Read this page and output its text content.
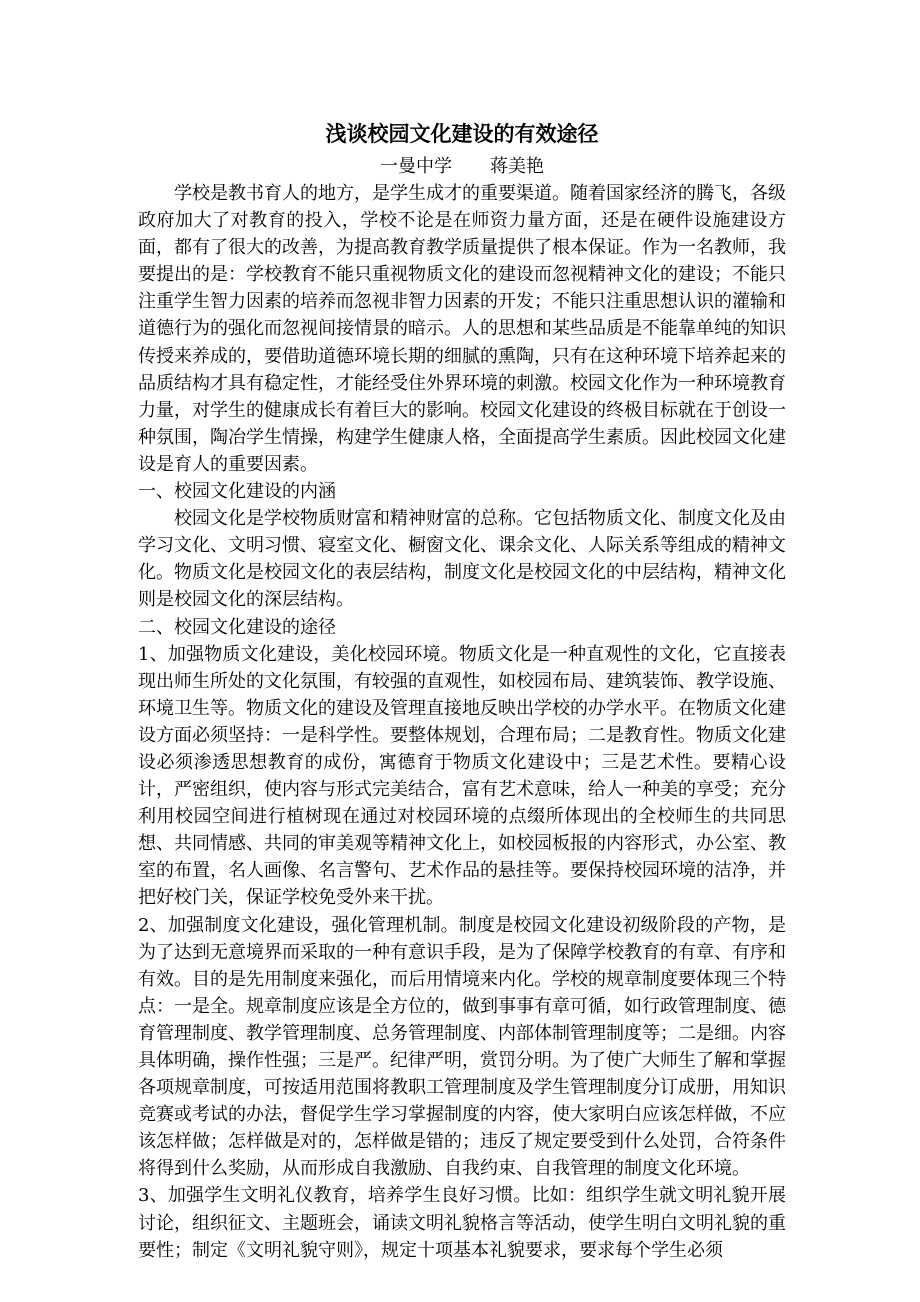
浅谈校园文化建设的有效途径
一曼中学 蒋美艳

学校是教书育人的地方，是学生成才的重要渠道。随着国家经济的腾飞，各级政府加大了对教育的投入，学校不论是在师资力量方面，还是在硬件设施建设方面，都有了很大的改善，为提高教育教学质量提供了根本保证。作为一名教师，我要提出的是：学校教育不能只重视物质文化的建设而忽视精神文化的建设；不能只注重学生智力因素的培养而忽视非智力因素的开发；不能只注重思想认识的灌输和道德行为的强化而忽视间接情景的暗示。人的思想和某些品质是不能靠单纯的知识传授来养成的，要借助道德环境长期的细腻的熏陶，只有在这种环境下培养起来的品质结构才具有稳定性，才能经受住外界环境的刺激。校园文化作为一种环境教育力量，对学生的健康成长有着巨大的影响。校园文化建设的终极目标就在于创设一种氛围，陶冶学生情操，构建学生健康人格，全面提高学生素质。因此校园文化建设是育人的重要因素。

一、校园文化建设的内涵

校园文化是学校物质财富和精神财富的总称。它包括物质文化、制度文化及由学习文化、文明习惯、寝室文化、橱窗文化、课余文化、人际关系等组成的精神文化。物质文化是校园文化的表层结构，制度文化是校园文化的中层结构，精神文化则是校园文化的深层结构。

二、校园文化建设的途径

1、加强物质文化建设，美化校园环境。物质文化是一种直观性的文化，它直接表现出师生所处的文化氛围，有较强的直观性，如校园布局、建筑装饰、教学设施、环境卫生等。物质文化的建设及管理直接地反映出学校的办学水平。在物质文化建设方面必须坚持：一是科学性。要整体规划，合理布局；二是教育性。物质文化建设必须渗透思想教育的成份，寓德育于物质文化建设中；三是艺术性。要精心设计，严密组织，使内容与形式完美结合，富有艺术意味，给人一种美的享受；充分利用校园空间进行植树现在通过对校园环境的点缀所体现出的全校师生的共同思想、共同情感、共同的审美观等精神文化上，如校园板报的内容形式，办公室、教室的布置，名人画像、名言警句、艺术作品的悬挂等。要保持校园环境的洁净，并把好校门关，保证学校免受外来干扰。

2、加强制度文化建设，强化管理机制。制度是校园文化建设初级阶段的产物，是为了达到无意境界而采取的一种有意识手段，是为了保障学校教育的有章、有序和有效。目的是先用制度来强化，而后用情境来内化。学校的规章制度要体现三个特点：一是全。规章制度应该是全方位的，做到事事有章可循，如行政管理制度、德育管理制度、教学管理制度、总务管理制度、内部体制管理制度等；二是细。内容具体明确，操作性强；三是严。纪律严明，赏罚分明。为了使广大师生了解和掌握各项规章制度，可按适用范围将教职工管理制度及学生管理制度分订成册，用知识竞赛或考试的办法，督促学生学习掌握制度的内容，使大家明白应该怎样做，不应该怎样做；怎样做是对的，怎样做是错的；违反了规定要受到什么处罚，合符条件将得到什么奖励，从而形成自我激励、自我约束、自我管理的制度文化环境。

3、加强学生文明礼仪教育，培养学生良好习惯。比如：组织学生就文明礼貌开展讨论，组织征文、主题班会，诵读文明礼貌格言等活动，使学生明白文明礼貌的重要性；制定《文明礼貌守则》，规定十项基本礼貌要求，要求每个学生必须
